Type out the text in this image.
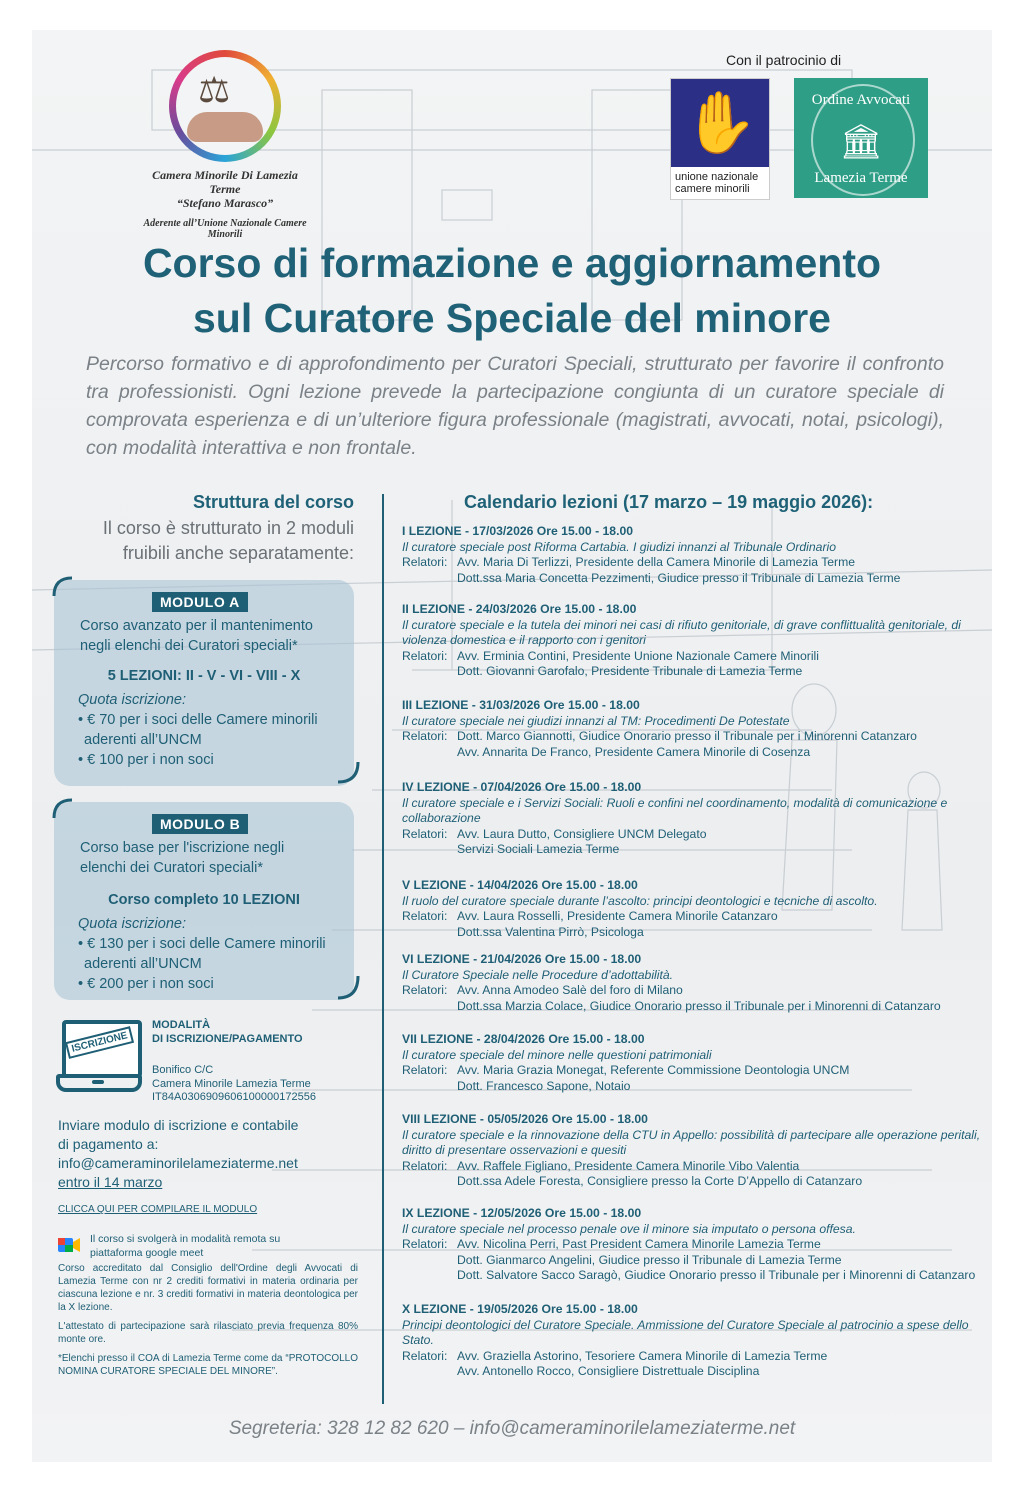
⚖
Camera Minorile Di Lamezia Terme
“Stefano Marasco”
Aderente all’Unione Nazionale Camere Minorili
Con il patrocinio di
✋
unione nazionale
camere minorili
Ordine Avvocati
🏛
Lamezia Terme
Corso di formazione e aggiornamento
sul Curatore Speciale del minore
Percorso formativo e di approfondimento per Curatori Speciali, strutturato per favorire il confronto tra professionisti. Ogni lezione prevede la partecipazione congiunta di un curatore speciale di comprovata esperienza e di un’ulteriore figura professionale (magistrati, avvocati, notai, psicologi), con modalità interattiva e non frontale.
Struttura del corso
Il corso è strutturato in 2 moduli
fruibili anche separatamente:
MODULO A
Corso avanzato per il mantenimento
negli elenchi dei Curatori speciali*
5 LEZIONI: II - V - VI - VIII - X
Quota iscrizione:
• € 70 per i soci delle Camere minorili
aderenti all’UNCM
• € 100 per i non soci
MODULO B
Corso base per l'iscrizione negli
elenchi dei Curatori speciali*
Corso completo 10 LEZIONI
Quota iscrizione:
• € 130 per i soci delle Camere minorili
aderenti all’UNCM
• € 200 per i non soci
ISCRIZIONE
MODALITÀ
DI ISCRIZIONE/PAGAMENTO
Bonifico C/C
Camera Minorile Lamezia Terme
IT84A0306909606100000172556
Inviare modulo di iscrizione e contabile
di pagamento a:
info@cameraminorilelameziaterme.net
entro il 14 marzo
CLICCA QUI PER COMPILARE IL MODULO
Il corso si svolgerà in modalità remota su piattaforma google meet
Corso accreditato dal Consiglio dell'Ordine degli Avvocati di Lamezia Terme con nr 2 crediti formativi in materia ordinaria per ciascuna lezione e nr. 3 crediti formativi in materia deontologica per la X lezione.
L'attestato di partecipazione sarà rilasciato previa frequenza 80% monte ore.
*Elenchi presso il COA di Lamezia Terme come da “PROTOCOLLO NOMINA CURATORE SPECIALE DEL MINORE”.
Calendario lezioni (17 marzo – 19 maggio 2026):
I LEZIONE - 17/03/2026 Ore 15.00 - 18.00
Il curatore speciale post Riforma Cartabia. I giudizi innanzi al Tribunale Ordinario
Relatori: Avv. Maria Di Terlizzi, Presidente della Camera Minorile di Lamezia Terme
Dott.ssa Maria Concetta Pezzimenti, Giudice presso il Tribunale di Lamezia Terme
II LEZIONE - 24/03/2026 Ore 15.00 - 18.00
Il curatore speciale e la tutela dei minori nei casi di rifiuto genitoriale, di grave conflittualità genitoriale, di violenza domestica e il rapporto con i genitori
Relatori: Avv. Erminia Contini, Presidente Unione Nazionale Camere Minorili
Dott. Giovanni Garofalo, Presidente Tribunale di Lamezia Terme
III LEZIONE - 31/03/2026 Ore 15.00 - 18.00
Il curatore speciale nei giudizi innanzi al TM: Procedimenti De Potestate
Relatori: Dott. Marco Giannotti, Giudice Onorario presso il Tribunale per i Minorenni Catanzaro
Avv. Annarita De Franco, Presidente Camera Minorile di Cosenza
IV LEZIONE - 07/04/2026 Ore 15.00 - 18.00
Il curatore speciale e i Servizi Sociali: Ruoli e confini nel coordinamento, modalità di comunicazione e collaborazione
Relatori: Avv. Laura Dutto, Consigliere UNCM Delegato
Servizi Sociali Lamezia Terme
V LEZIONE - 14/04/2026 Ore 15.00 - 18.00
Il ruolo del curatore speciale durante l’ascolto: principi deontologici e tecniche di ascolto.
Relatori: Avv. Laura Rosselli, Presidente Camera Minorile Catanzaro
Dott.ssa Valentina Pirrò, Psicologa
VI LEZIONE - 21/04/2026 Ore 15.00 - 18.00
Il Curatore Speciale nelle Procedure d’adottabilità.
Relatori: Avv. Anna Amodeo Salè del foro di Milano
Dott.ssa Marzia Colace, Giudice Onorario presso il Tribunale per i Minorenni di Catanzaro
VII LEZIONE - 28/04/2026 Ore 15.00 - 18.00
Il curatore speciale del minore nelle questioni patrimoniali
Relatori: Avv. Maria Grazia Monegat, Referente Commissione Deontologia UNCM
Dott. Francesco Sapone, Notaio
VIII LEZIONE - 05/05/2026 Ore 15.00 - 18.00
Il curatore speciale e la rinnovazione della CTU in Appello: possibilità di partecipare alle operazione peritali, diritto di presentare osservazioni e quesiti
Relatori: Avv. Raffele Figliano, Presidente Camera Minorile Vibo Valentia
Dott.ssa Adele Foresta, Consigliere presso la Corte D’Appello di Catanzaro
IX LEZIONE - 12/05/2026 Ore 15.00 - 18.00
Il curatore speciale nel processo penale ove il minore sia imputato o persona offesa.
Relatori: Avv. Nicolina Perri, Past President Camera Minorile Lamezia Terme
Dott. Gianmarco Angelini, Giudice presso il Tribunale di Lamezia Terme
Dott. Salvatore Sacco Saragò, Giudice Onorario presso il Tribunale per i Minorenni di Catanzaro
X LEZIONE - 19/05/2026 Ore 15.00 - 18.00
Principi deontologici del Curatore Speciale. Ammissione del Curatore Speciale al patrocinio a spese dello Stato.
Relatori: Avv. Graziella Astorino, Tesoriere Camera Minorile di Lamezia Terme
Avv. Antonello Rocco, Consigliere Distrettuale Disciplina
Segreteria: 328 12 82 620 – info@cameraminorilelameziaterme.net
